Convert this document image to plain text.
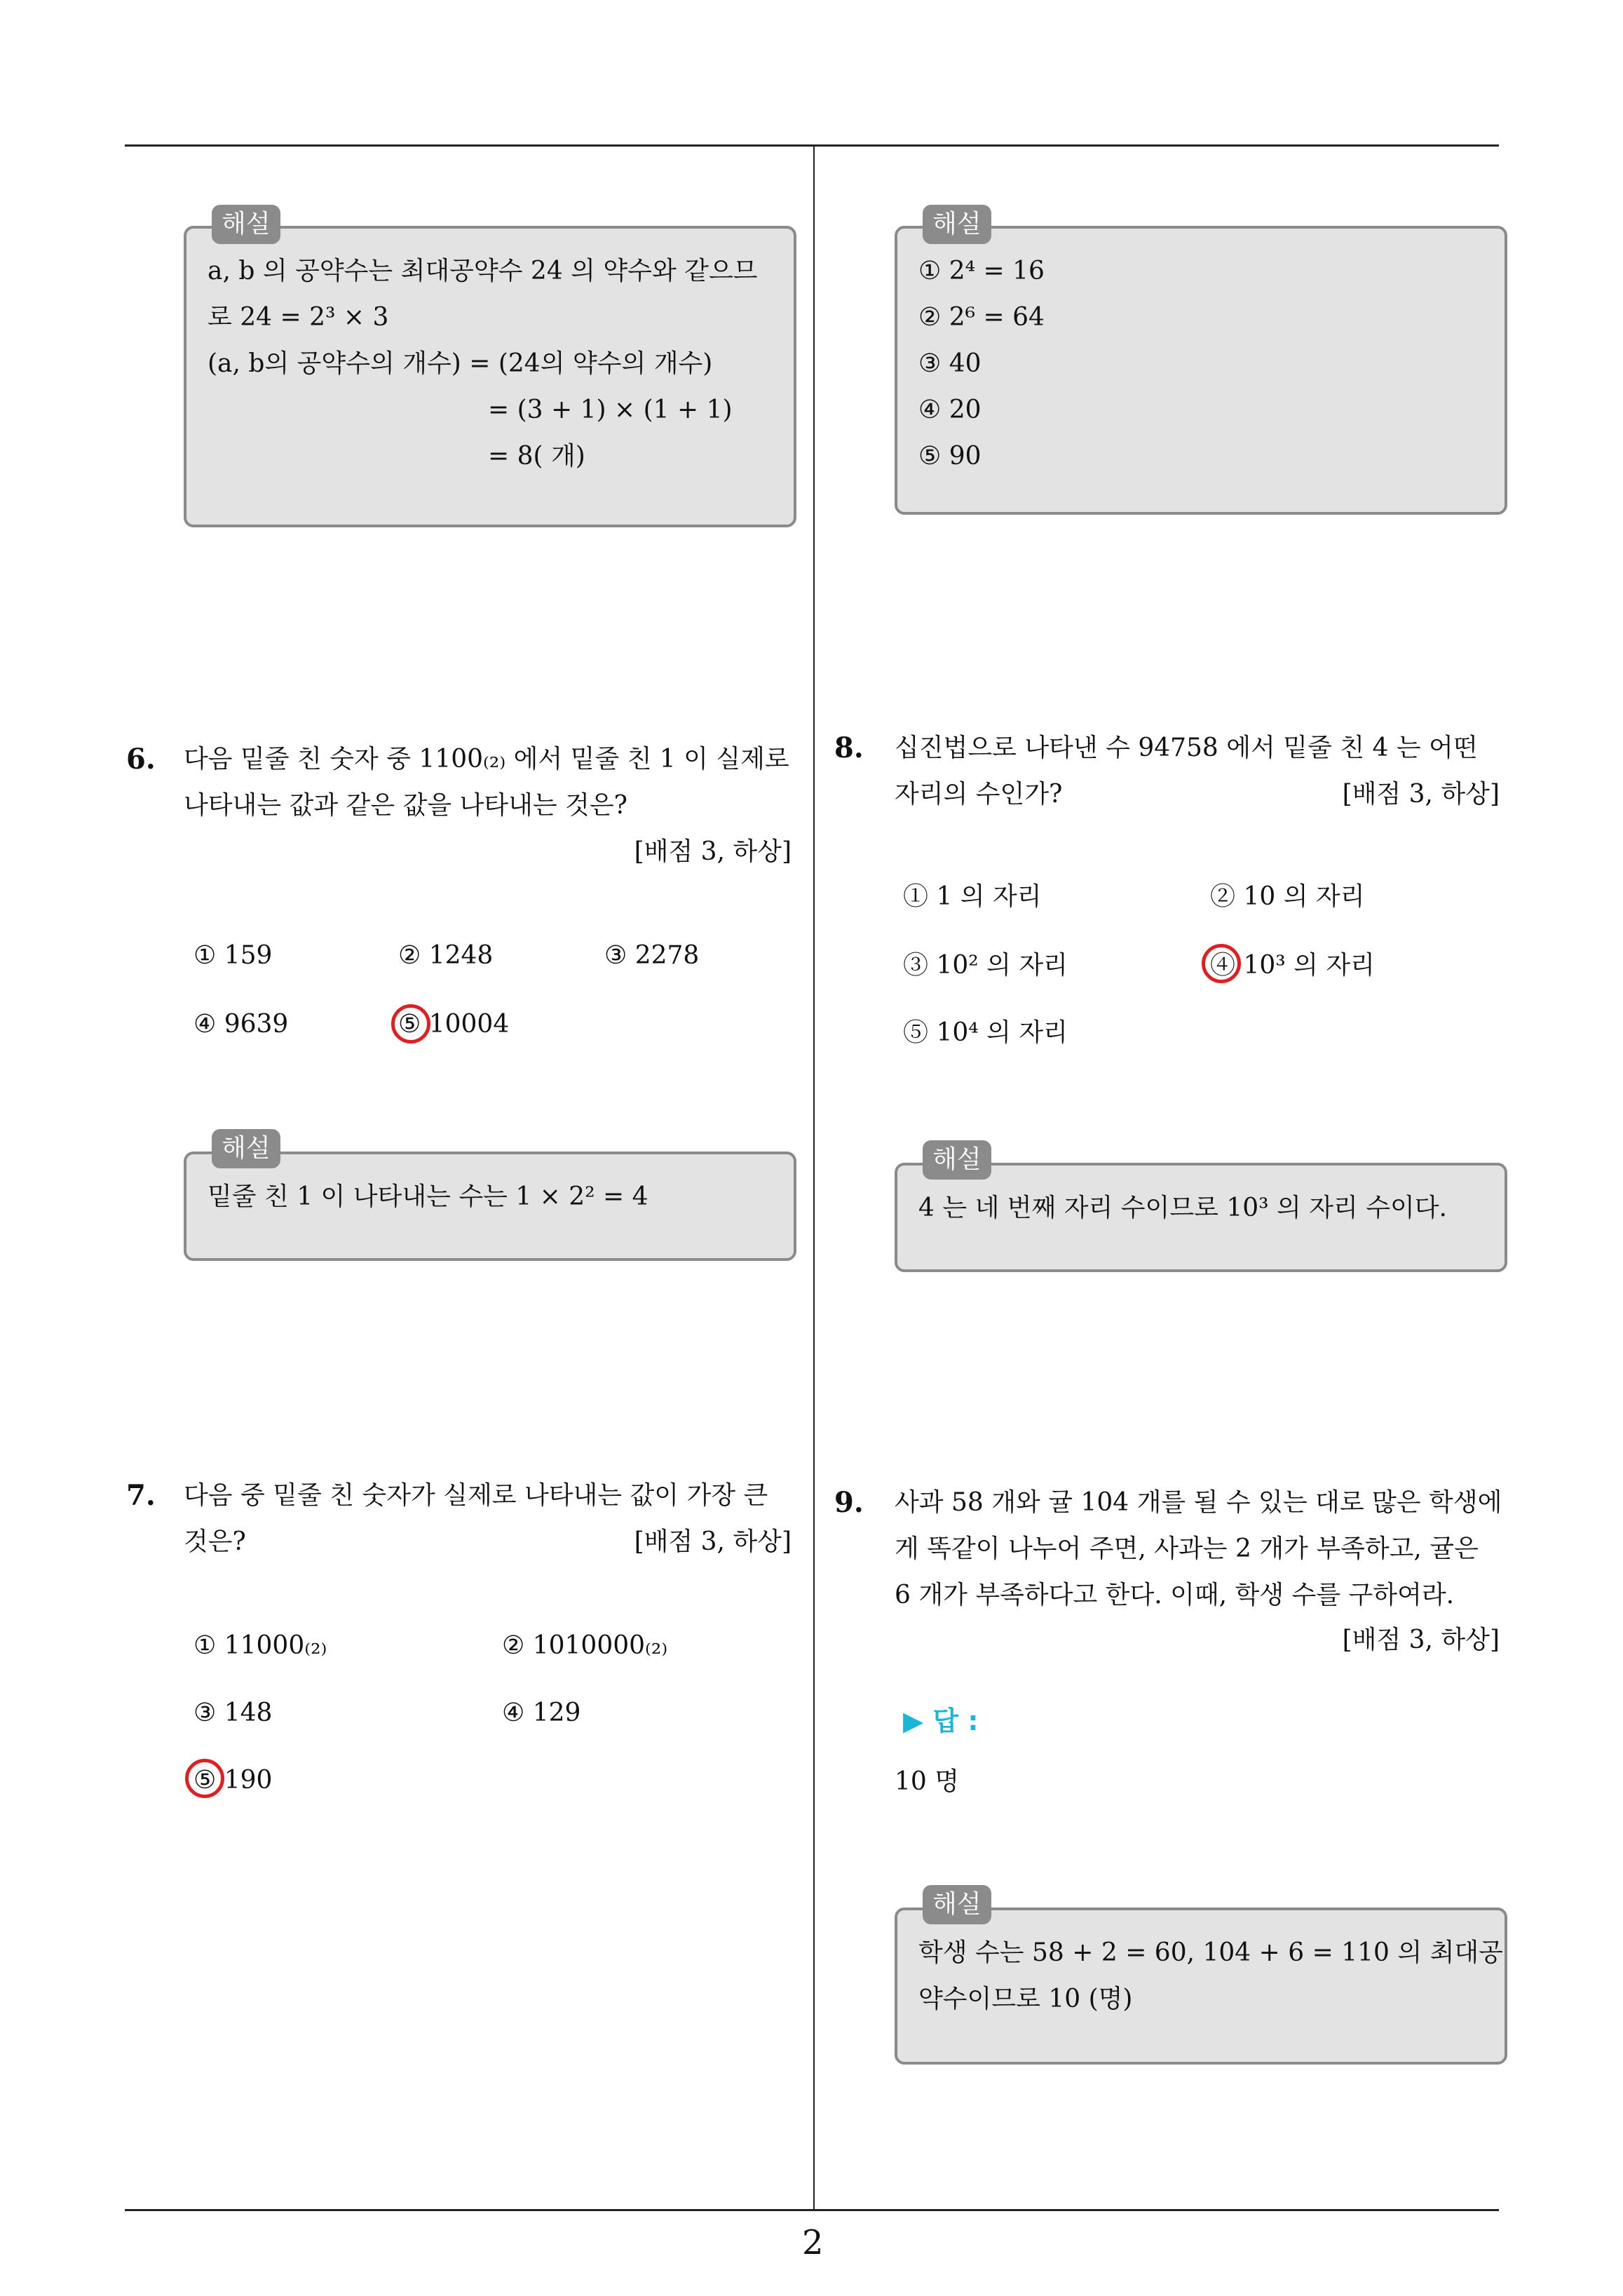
a, b 의 공약수는 최대공약수 24 의 약수와 같으므
로 24 = 2³ × 3
(a, b의 공약수의 개수) = (24의 약수의 개수)
= (3 + 1) × (1 + 1)
= 8( 개)
해설
6. 다음 밑줄 친 숫자 중 1100₍₂₎ 에서 밑줄 친 1 이 실제로
나타내는 값과 같은 값을 나타내는 것은?
[배점 3, 하상]
① 159	② 1248	③ 2278
④ 9639	⑤ 10004
밑줄 친 1 이 나타내는 수는 1 × 2² = 4
해설
7. 다음 중 밑줄 친 숫자가 실제로 나타내는 값이 가장 큰
것은?	[배점 3, 하상]
① 11000₍₂₎	② 1010000₍₂₎
③ 148	④ 129
⑤ 190
① 2⁴ = 16
② 2⁶ = 64
③ 40
④ 20
⑤ 90
해설
8. 십진법으로 나타낸 수 94758 에서 밑줄 친 4 는 어떤
자리의 수인가?	[배점 3, 하상]
① 1 의 자리	② 10 의 자리
③ 10² 의 자리	④ 10³ 의 자리
⑤ 10⁴ 의 자리
4 는 네 번째 자리 수이므로 10³ 의 자리 수이다.
해설
9. 사과 58 개와 귤 104 개를 될 수 있는 대로 많은 학생에
게 똑같이 나누어 주면, 사과는 2 개가 부족하고, 귤은
6 개가 부족하다고 한다. 이때, 학생 수를 구하여라.
[배점 3, 하상]
▶ 답 :
10 명
학생 수는 58 + 2 = 60, 104 + 6 = 110 의 최대공
약수이므로 10 (명)
해설
2
